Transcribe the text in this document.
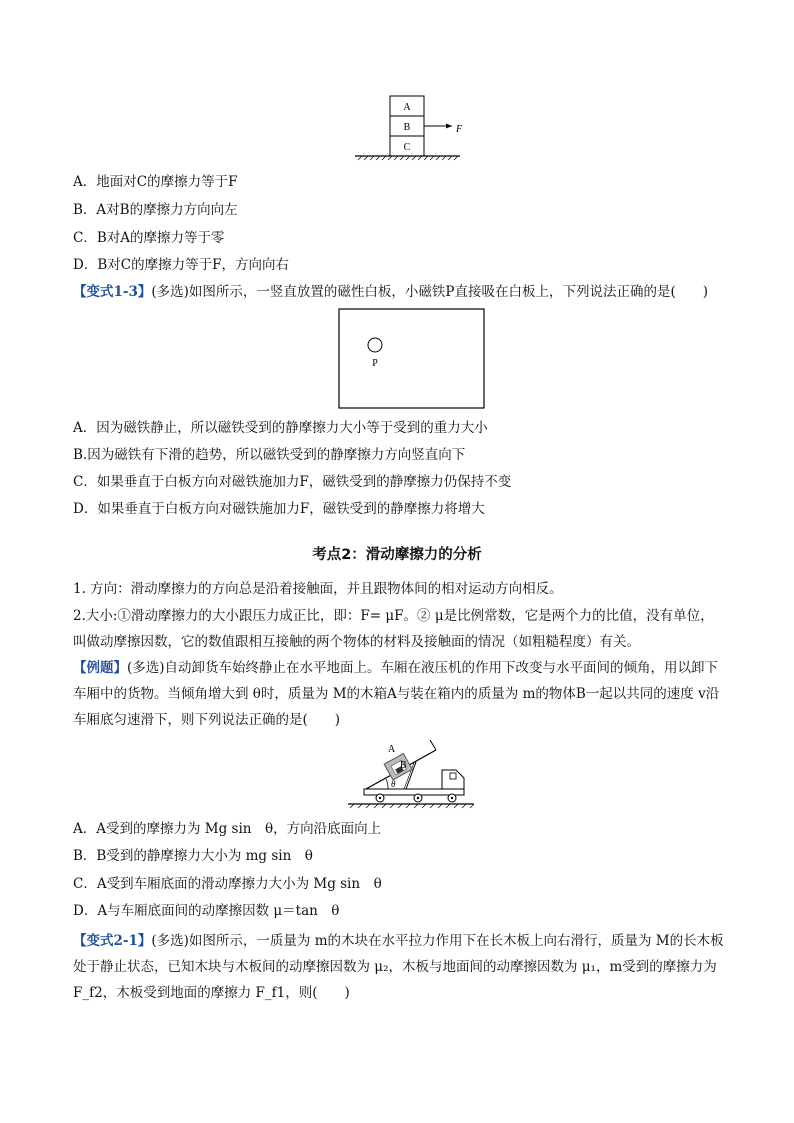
A
B
C
F
A．地面对C的摩擦力等于F
B．A对B的摩擦力方向向左
C．B对A的摩擦力等于零
D．B对C的摩擦力等于F，方向向右
【变式1-3】(多选)如图所示，一竖直放置的磁性白板，小磁铁P直接吸在白板上，下列说法正确的是(　　)
P
A．因为磁铁静止，所以磁铁受到的静摩擦力大小等于受到的重力大小
B.因为磁铁有下滑的趋势，所以磁铁受到的静摩擦力方向竖直向下
C．如果垂直于白板方向对磁铁施加力F，磁铁受到的静摩擦力仍保持不变
D．如果垂直于白板方向对磁铁施加力F，磁铁受到的静摩擦力将增大
考点2：滑动摩擦力的分析
1. 方向：滑动摩擦力的方向总是沿着接触面，并且跟物体间的相对运动方向相反。
2.大小:①滑动摩擦力的大小跟压力成正比，即：F= μF。② μ是比例常数，它是两个力的比值，没有单位，叫做动摩擦因数，它的数值跟相互接触的两个物体的材料及接触面的情况（如粗糙程度）有关。
【例题】(多选)自动卸货车始终静止在水平地面上。车厢在液压机的作用下改变与水平面间的倾角，用以卸下车厢中的货物。当倾角增大到 θ时，质量为 M的木箱A与装在箱内的质量为 m的物体B一起以共同的速度 v沿车厢底匀速滑下，则下列说法正确的是(　　)
A
B
θ
A．A受到的摩擦力为 Mg sin　θ，方向沿底面向上
B．B受到的静摩擦力大小为 mg sin　θ
C．A受到车厢底面的滑动摩擦力大小为 Mg sin　θ
D．A与车厢底面间的动摩擦因数 μ＝tan　θ
【变式2-1】(多选)如图所示，一质量为 m的木块在水平拉力作用下在长木板上向右滑行，质量为 M的长木板处于静止状态，已知木块与木板间的动摩擦因数为 μ₂，木板与地面间的动摩擦因数为 μ₁，m受到的摩擦力为 F_f2，木板受到地面的摩擦力 F_f1，则(　　)
